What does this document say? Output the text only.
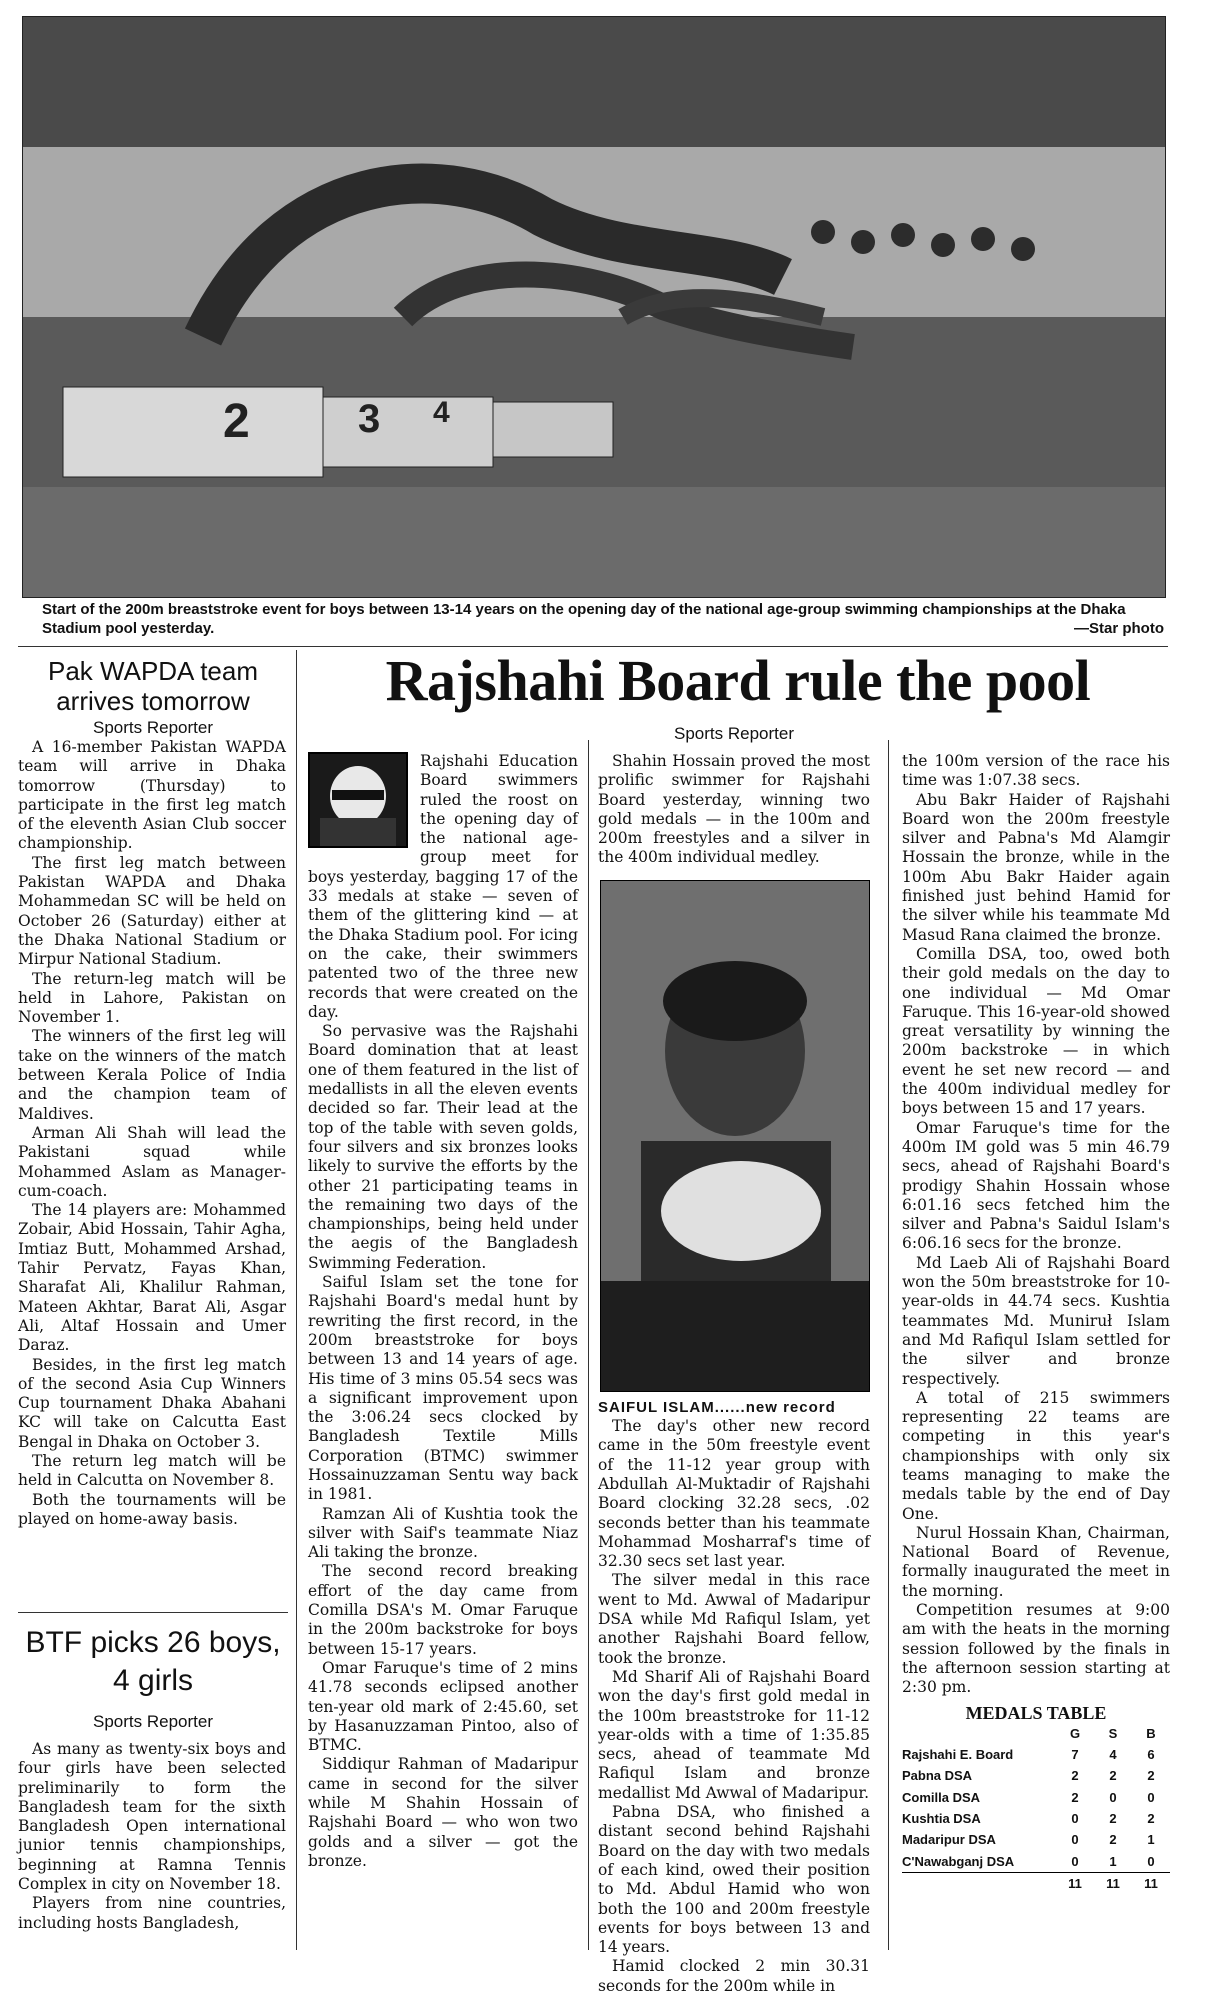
2	3 4
Start of the 200m breaststroke event for boys between 13-14 years on the opening day of the national age-group swimming championships at the Dhaka Stadium pool yesterday.	—Star photo
Pak WAPDA team arrives tomorrow
Sports Reporter

A 16-member Pakistan WAPDA team will arrive in Dhaka tomorrow (Thursday) to participate in the first leg match of the eleventh Asian Club soccer championship.

The first leg match between Pakistan WAPDA and Dhaka Mohammedan SC will be held on October 26 (Saturday) either at the Dhaka National Stadium or Mirpur National Stadium.

The return-leg match will be held in Lahore, Pakistan on November 1.

The winners of the first leg will take on the winners of the match between Kerala Police of India and the champion team of Maldives.

Arman Ali Shah will lead the Pakistani squad while Mohammed Aslam as Manager-cum-coach.

The 14 players are: Mohammed Zobair, Abid Hossain, Tahir Agha, Imtiaz Butt, Mohammed Arshad, Tahir Pervatz, Fayas Khan, Sharafat Ali, Khalilur Rahman, Mateen Akhtar, Barat Ali, Asgar Ali, Altaf Hossain and Umer Daraz.

Besides, in the first leg match of the second Asia Cup Winners Cup tournament Dhaka Abahani KC will take on Calcutta East Bengal in Dhaka on October 3.

The return leg match will be held in Calcutta on November 8.

Both the tournaments will be played on home-away basis.

BTF picks 26 boys, 4 girls
Sports Reporter

As many as twenty-six boys and four girls have been selected preliminarily to form the Bangladesh team for the sixth Bangladesh Open international junior tennis championships, beginning at Ramna Tennis Complex in city on November 18.

Players from nine countries, including hosts Bangladesh,

Rajshahi Board rule the pool
Sports Reporter

Rajshahi Education Board swimmers ruled the roost on the opening day of the national age-group meet for boys yesterday, bagging 17 of the 33 medals at stake — seven of them of the glittering kind — at the Dhaka Stadium pool. For icing on the cake, their swimmers patented two of the three new records that were created on the day.

So pervasive was the Rajshahi Board domination that at least one of them featured in the list of medallists in all the eleven events decided so far. Their lead at the top of the table with seven golds, four silvers and six bronzes looks likely to survive the efforts by the other 21 participating teams in the remaining two days of the championships, being held under the aegis of the Bangladesh Swimming Federation.

Saiful Islam set the tone for Rajshahi Board's medal hunt by rewriting the first record, in the 200m breaststroke for boys between 13 and 14 years of age. His time of 3 mins 05.54 secs was a significant improvement upon the 3:06.24 secs clocked by Bangladesh Textile Mills Corporation (BTMC) swimmer Hossainuzzaman Sentu way back in 1981.

Ramzan Ali of Kushtia took the silver with Saif's teammate Niaz Ali taking the bronze.

The second record breaking effort of the day came from Comilla DSA's M. Omar Faruque in the 200m backstroke for boys between 15-17 years.

Omar Faruque's time of 2 mins 41.78 seconds eclipsed another ten-year old mark of 2:45.60, set by Hasanuzzaman Pintoo, also of BTMC.

Siddiqur Rahman of Madaripur came in second for the silver while M Shahin Hossain of Rajshahi Board — who won two golds and a silver — got the bronze.

Shahin Hossain proved the most prolific swimmer for Rajshahi Board yesterday, winning two gold medals — in the 100m and 200m freestyles and a silver in the 400m individual medley.

SAIFUL ISLAM......new record

The day's other new record came in the 50m freestyle event of the 11-12 year group with Abdullah Al-Muktadir of Rajshahi Board clocking 32.28 secs, .02 seconds better than his teammate Mohammad Mosharraf's time of 32.30 secs set last year.

The silver medal in this race went to Md. Awwal of Madaripur DSA while Md Rafiqul Islam, yet another Rajshahi Board fellow, took the bronze.

Md Sharif Ali of Rajshahi Board won the day's first gold medal in the 100m breaststroke for 11-12 year-olds with a time of 1:35.85 secs, ahead of teammate Md Rafiqul Islam and bronze medallist Md Awwal of Madaripur.

Pabna DSA, who finished a distant second behind Rajshahi Board on the day with two medals of each kind, owed their position to Md. Abdul Hamid who won both the 100 and 200m freestyle events for boys between 13 and 14 years.

Hamid clocked 2 min 30.31 seconds for the 200m while in

the 100m version of the race his time was 1:07.38 secs.

Abu Bakr Haider of Rajshahi Board won the 200m freestyle silver and Pabna's Md Alamgir Hossain the bronze, while in the 100m Abu Bakr Haider again finished just behind Hamid for the silver while his teammate Md Masud Rana claimed the bronze.

Comilla DSA, too, owed both their gold medals on the day to one individual — Md Omar Faruque. This 16-year-old showed great versatility by winning the 200m backstroke — in which event he set new record — and the 400m individual medley for boys between 15 and 17 years.

Omar Faruque's time for the 400m IM gold was 5 min 46.79 secs, ahead of Rajshahi Board's prodigy Shahin Hossain whose 6:01.16 secs fetched him the silver and Pabna's Saidul Islam's 6:06.16 secs for the bronze.

Md Laeb Ali of Rajshahi Board won the 50m breaststroke for 10-year-olds in 44.74 secs. Kushtia teammates Md. Muniruł Islam and Md Rafiqul Islam settled for the silver and bronze respectively.

A total of 215 swimmers representing 22 teams are competing in this year's championships with only six teams managing to make the medals table by the end of Day One.

Nurul Hossain Khan, Chairman, National Board of Revenue, formally inaugurated the meet in the morning.

Competition resumes at 9:00 am with the heats in the morning session followed by the finals in the afternoon session starting at 2:30 pm.

MEDALS TABLE
	G	S	B
Rajshahi E. Board	7	4	6
Pabna DSA	2	2	2
Comilla DSA	2	0	0
Kushtia DSA	0	2	2
Madaripur DSA	0	2	1
C'Nawabganj DSA	0	1	0
	11	11	11
